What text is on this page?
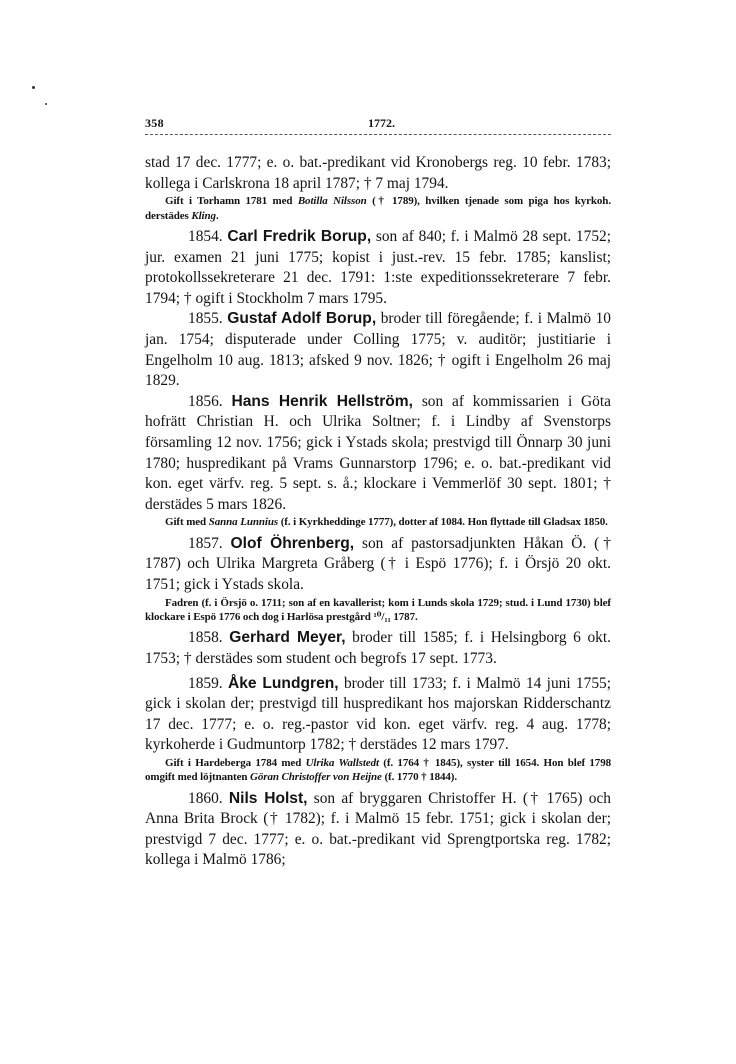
358	1772.

stad 17 dec. 1777; e. o. bat.-predikant vid Kronobergs reg. 10 febr. 1783; kollega i Carlskrona 18 april 1787; † 7 maj 1794.

Gift i Torhamn 1781 med Botilla Nilsson († 1789), hvilken tjenade som piga hos kyrkoh. derstädes Kling.

1854. Carl Fredrik Borup, son af 840; f. i Malmö 28 sept. 1752; jur. examen 21 juni 1775; kopist i just.-rev. 15 febr. 1785; kanslist; protokollssekreterare 21 dec. 1791: 1:ste expeditionssekreterare 7 febr. 1794; † ogift i Stockholm 7 mars 1795.

1855. Gustaf Adolf Borup, broder till föregående; f. i Malmö 10 jan. 1754; disputerade under Colling 1775; v. auditör; justitiarie i Engelholm 10 aug. 1813; afsked 9 nov. 1826; † ogift i Engelholm 26 maj 1829.

1856. Hans Henrik Hellström, son af kommissarien i Göta hofrätt Christian H. och Ulrika Soltner; f. i Lindby af Svenstorps församling 12 nov. 1756; gick i Ystads skola; prestvigd till Önnarp 30 juni 1780; huspredikant på Vrams Gunnarstorp 1796; e. o. bat.-predikant vid kon. eget värfv. reg. 5 sept. s. å.; klockare i Vemmerlöf 30 sept. 1801; † derstädes 5 mars 1826.

Gift med Sanna Lunnius (f. i Kyrkheddinge 1777), dotter af 1084. Hon flyttade till Gladsax 1850.

1857. Olof Öhrenberg, son af pastorsadjunkten Håkan Ö. († 1787) och Ulrika Margreta Gråberg († i Espö 1776); f. i Örsjö 20 okt. 1751; gick i Ystads skola.

Fadren (f. i Örsjö o. 1711; son af en kavallerist; kom i Lunds skola 1729; stud. i Lund 1730) blef klockare i Espö 1776 och dog i Harlösa prestgård ¹⁰/₁₁ 1787.

1858. Gerhard Meyer, broder till 1585; f. i Helsingborg 6 okt. 1753; † derstädes som student och begrofs 17 sept. 1773.

1859. Åke Lundgren, broder till 1733; f. i Malmö 14 juni 1755; gick i skolan der; prestvigd till huspredikant hos majorskan Ridderschantz 17 dec. 1777; e. o. reg.-pastor vid kon. eget värfv. reg. 4 aug. 1778; kyrkoherde i Gudmuntorp 1782; † derstädes 12 mars 1797.

Gift i Hardeberga 1784 med Ulrika Wallstedt (f. 1764 † 1845), syster till 1654. Hon blef 1798 omgift med löjtnanten Göran Christoffer von Heijne (f. 1770 † 1844).

1860. Nils Holst, son af bryggaren Christoffer H. († 1765) och Anna Brita Brock († 1782); f. i Malmö 15 febr. 1751; gick i skolan der; prestvigd 7 dec. 1777; e. o. bat.-predikant vid Sprengtportska reg. 1782; kollega i Malmö 1786;
